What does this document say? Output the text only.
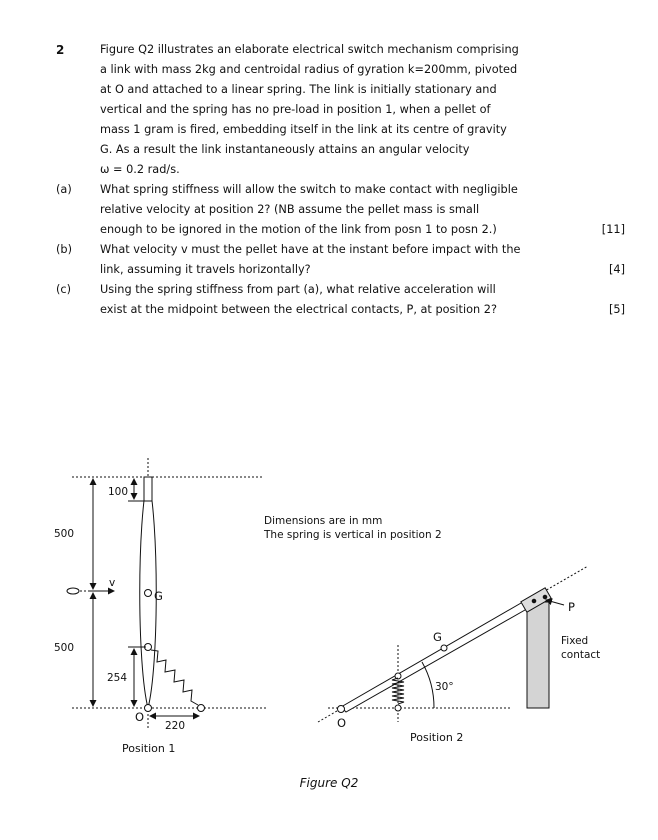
2	Figure Q2 illustrates an elaborate electrical switch mechanism comprising

a link with mass 2kg and centroidal radius of gyration k=200mm, pivoted

at O and attached to a linear spring. The link is initially stationary and

vertical and the spring has no pre-load in position 1, when a pellet of

mass 1 gram is fired, embedding itself in the link at its centre of gravity

G. As a result the link instantaneously attains an angular velocity

ω = 0.2 rad/s.

(a)	What spring stiffness will allow the switch to make contact with negligible

relative velocity at position 2? (NB assume the pellet mass is small

enough to be ignored in the motion of the link from posn 1 to posn 2.)	[11]
(b) What velocity v must the pellet have at the instant before impact with the

link, assuming it travels horizontally?	[4]
(c)	Using the spring stiffness from part (a), what relative acceleration will

exist at the midpoint between the electrical contacts, P, at position 2?	[5]
100
500
500
254
220
v
G
O
Position 1
Dimensions are in mm
The spring is vertical in position 2
G
O
30°
P
Fixed
contact
Position 2
Figure Q2
